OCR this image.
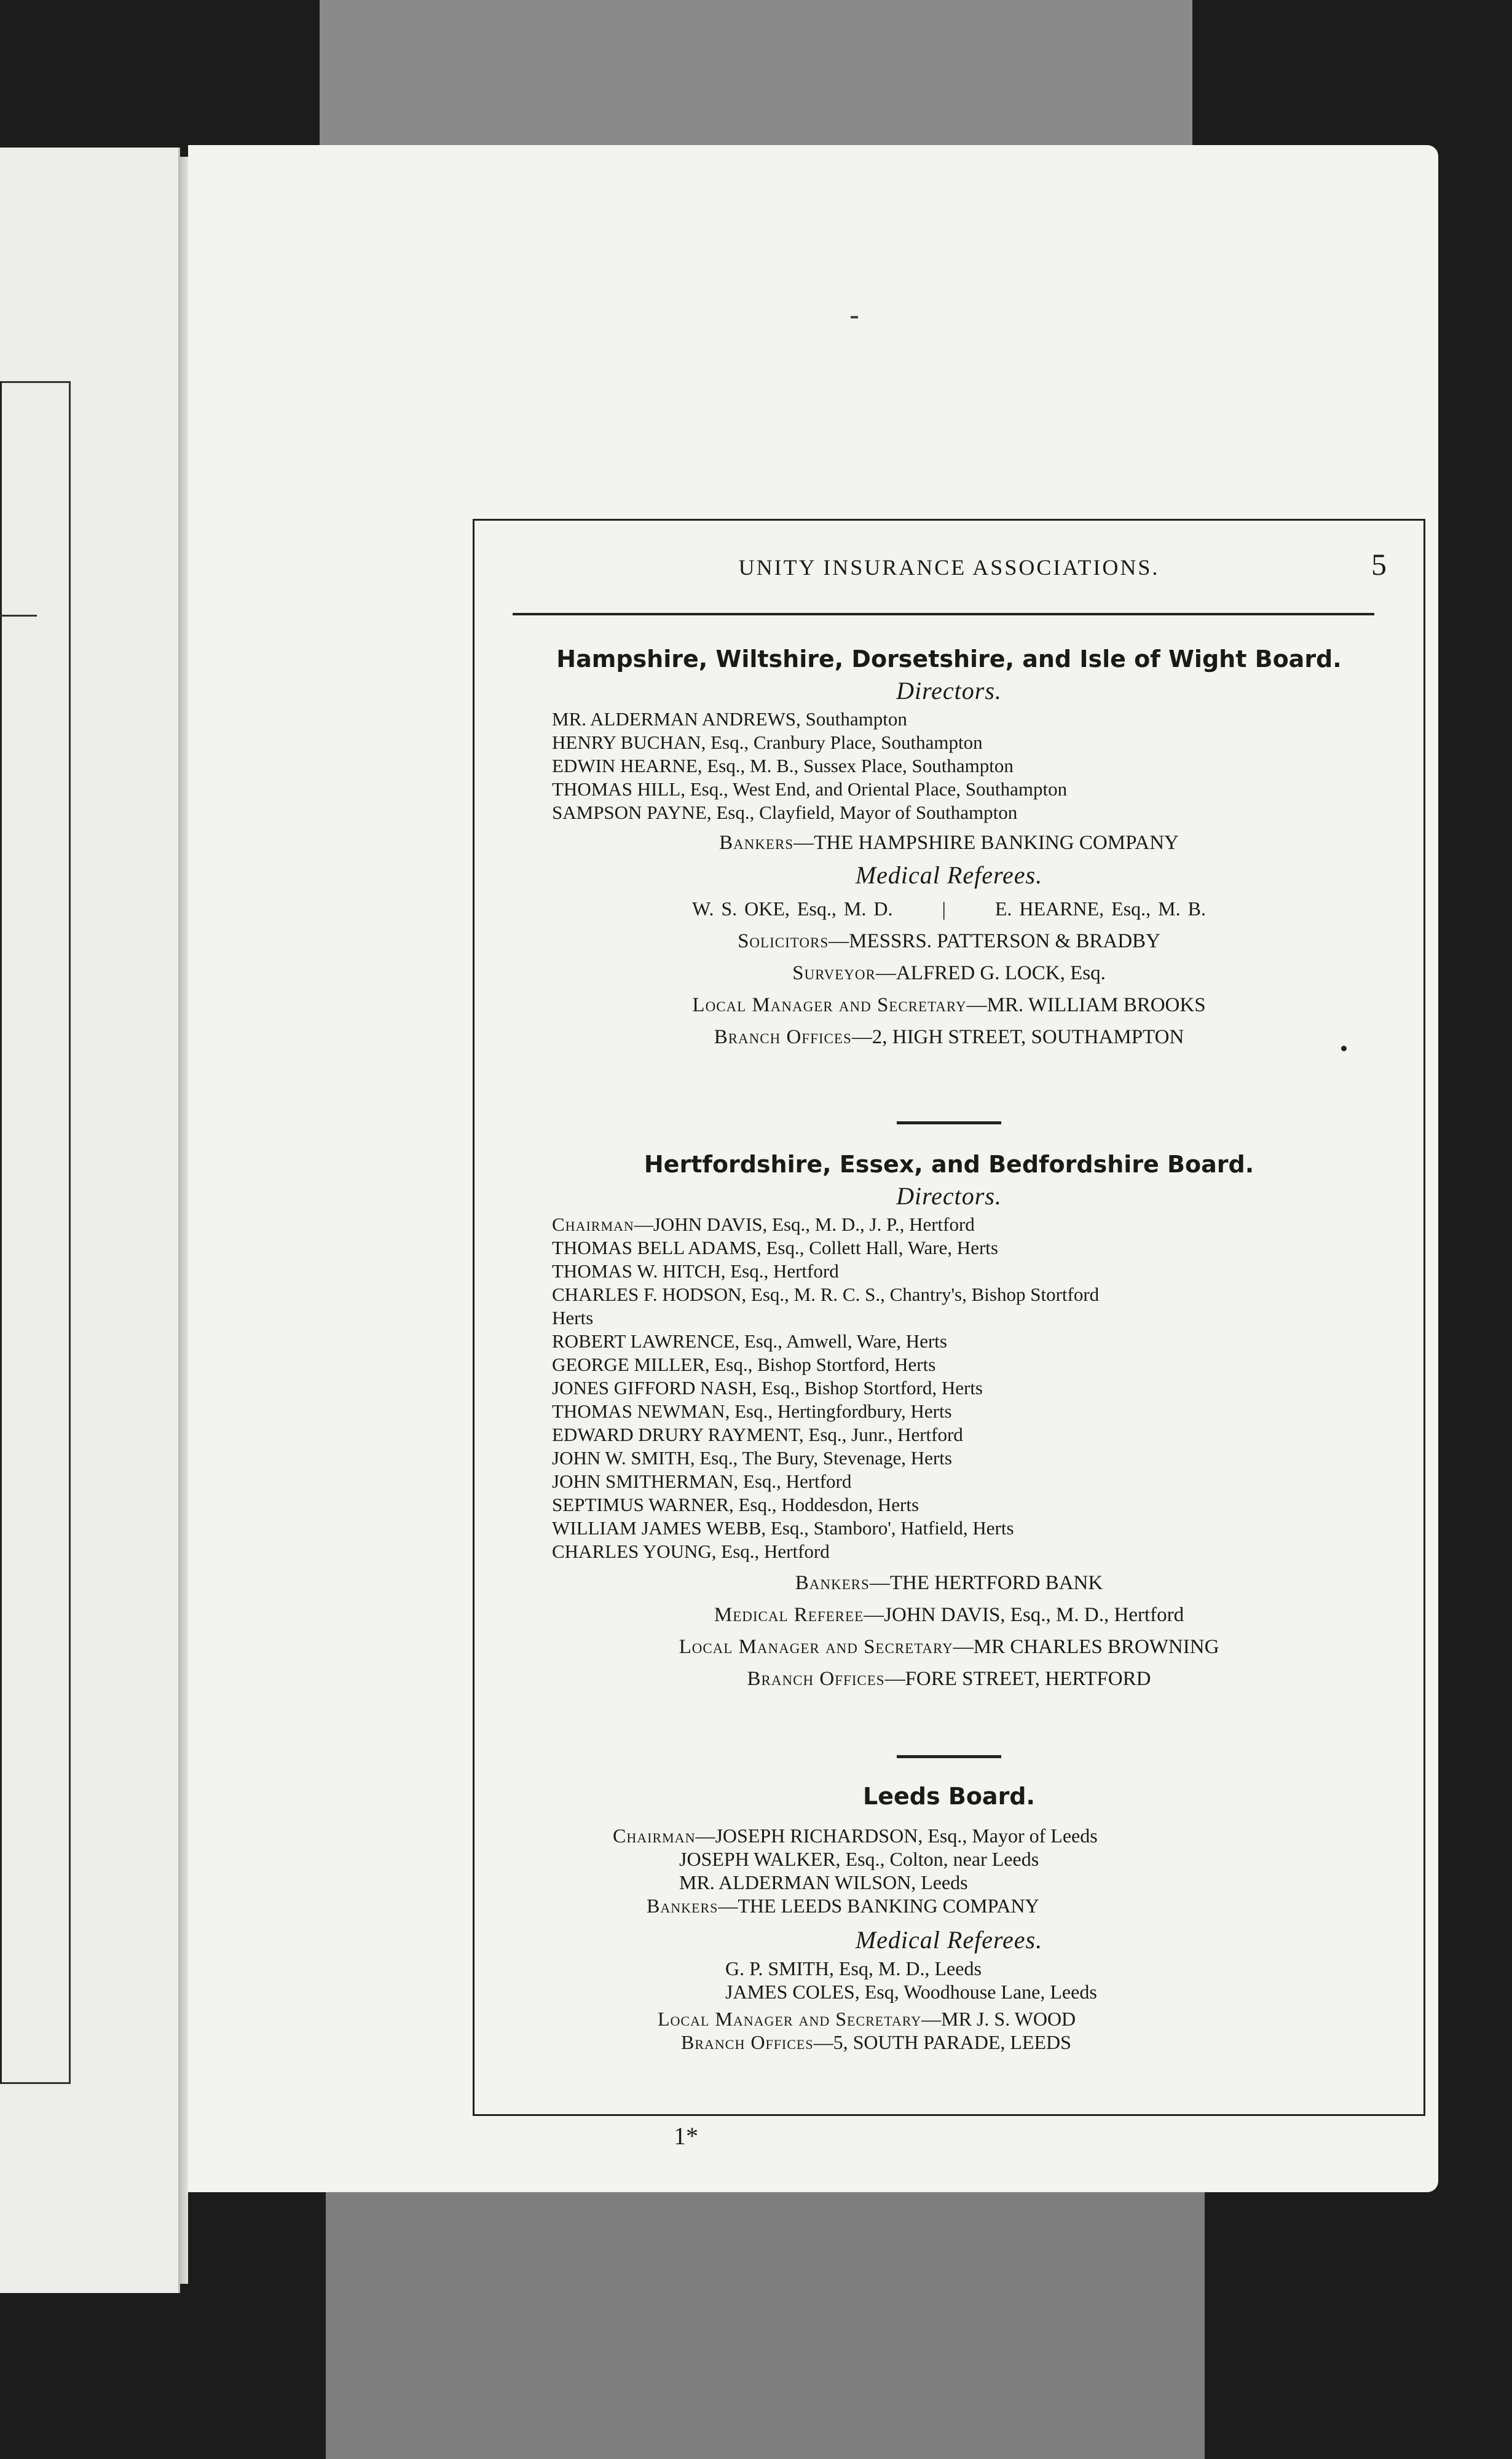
UNITY INSURANCE ASSOCIATIONS.	5
Hampshire, Wiltshire, Dorsetshire, and Isle of Wight Board.
Directors.
MR. ALDERMAN ANDREWS, Southampton
HENRY BUCHAN, Esq., Cranbury Place, Southampton
EDWIN HEARNE, Esq., M. B., Sussex Place, Southampton
THOMAS HILL, Esq., West End, and Oriental Place, Southampton
SAMPSON PAYNE, Esq., Clayfield, Mayor of Southampton
Bankers—THE HAMPSHIRE BANKING COMPANY
Medical Referees.
W. S. OKE, Esq., M. D.	|	E. HEARNE, Esq., M. B.
Solicitors—MESSRS. PATTERSON & BRADBY
Surveyor—ALFRED G. LOCK, Esq.
Local Manager and Secretary—MR. WILLIAM BROOKS
Branch Offices—2, HIGH STREET, SOUTHAMPTON
Hertfordshire, Essex, and Bedfordshire Board.
Directors.
Chairman—JOHN DAVIS, Esq., M. D., J. P., Hertford
THOMAS BELL ADAMS, Esq., Collett Hall, Ware, Herts
THOMAS W. HITCH, Esq., Hertford
CHARLES F. HODSON, Esq., M. R. C. S., Chantry's, Bishop Stortford
Herts
ROBERT LAWRENCE, Esq., Amwell, Ware, Herts
GEORGE MILLER, Esq., Bishop Stortford, Herts
JONES GIFFORD NASH, Esq., Bishop Stortford, Herts
THOMAS NEWMAN, Esq., Hertingfordbury, Herts
EDWARD DRURY RAYMENT, Esq., Junr., Hertford
JOHN W. SMITH, Esq., The Bury, Stevenage, Herts
JOHN SMITHERMAN, Esq., Hertford
SEPTIMUS WARNER, Esq., Hoddesdon, Herts
WILLIAM JAMES WEBB, Esq., Stamboro', Hatfield, Herts
CHARLES YOUNG, Esq., Hertford
Bankers—THE HERTFORD BANK
Medical Referee—JOHN DAVIS, Esq., M. D., Hertford
Local Manager and Secretary—MR CHARLES BROWNING
Branch Offices—FORE STREET, HERTFORD
Leeds Board.
Chairman—JOSEPH RICHARDSON, Esq., Mayor of Leeds
JOSEPH WALKER, Esq., Colton, near Leeds
MR. ALDERMAN WILSON, Leeds
Bankers—THE LEEDS BANKING COMPANY
Medical Referees.
G. P. SMITH, Esq, M. D., Leeds
JAMES COLES, Esq, Woodhouse Lane, Leeds
Local Manager and Secretary—MR J. S. WOOD
Branch Offices—5, SOUTH PARADE, LEEDS
1*
